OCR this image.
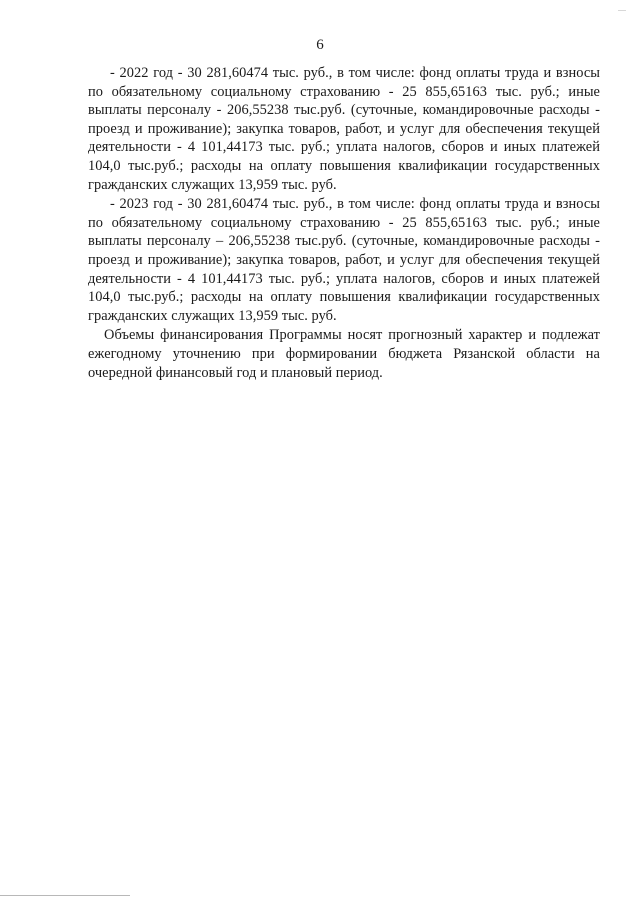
6

- 2022 год - 30 281,60474 тыс. руб., в том числе: фонд оплаты труда и взносы по обязательному социальному страхованию - 25 855,65163 тыс. руб.; иные выплаты персоналу - 206,55238 тыс.руб. (суточные, командировочные расходы - проезд и проживание); закупка товаров, работ, и услуг для обеспечения текущей деятельности - 4 101,44173 тыс. руб.; уплата налогов, сборов и иных платежей 104,0 тыс.руб.; расходы на оплату повышения квалификации государственных гражданских служащих 13,959 тыс. руб.

- 2023 год - 30 281,60474 тыс. руб., в том числе: фонд оплаты труда и взносы по обязательному социальному страхованию - 25 855,65163 тыс. руб.; иные выплаты персоналу – 206,55238 тыс.руб. (суточные, командировочные расходы - проезд и проживание); закупка товаров, работ, и услуг для обеспечения текущей деятельности - 4 101,44173 тыс. руб.; уплата налогов, сборов и иных платежей 104,0 тыс.руб.; расходы на оплату повышения квалификации государственных гражданских служащих 13,959 тыс. руб.

Объемы финансирования Программы носят прогнозный характер и подлежат ежегодному уточнению при формировании бюджета Рязанской области на очередной финансовый год и плановый период.
